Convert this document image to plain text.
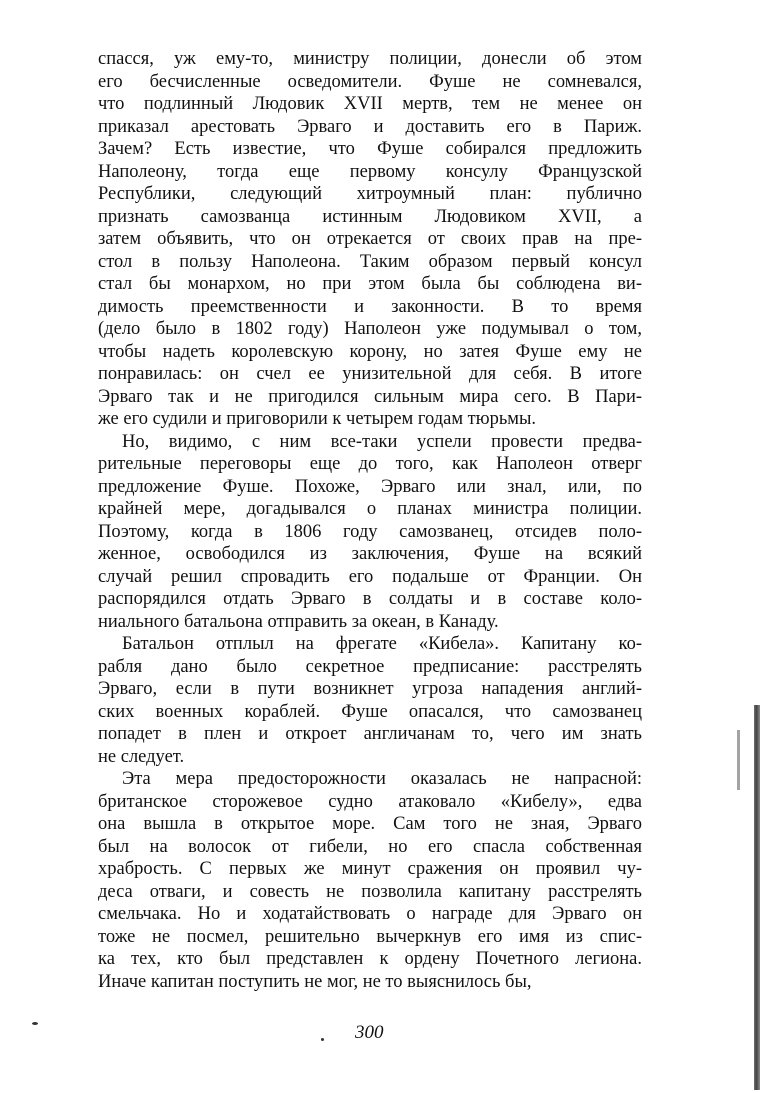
спасся, уж ему-то, министру полиции, донесли об этом
его бесчисленные осведомители. Фуше не сомневался,
что подлинный Людовик XVII мертв, тем не менее он
приказал арестовать Эрваго и доставить его в Париж.
Зачем? Есть известие, что Фуше собирался предложить
Наполеону, тогда еще первому консулу Французской
Республики, следующий хитроумный план: публично
признать самозванца истинным Людовиком XVII, а
затем объявить, что он отрекается от своих прав на пре-
стол в пользу Наполеона. Таким образом первый консул
стал бы монархом, но при этом была бы соблюдена ви-
димость преемственности и законности. В то время
(дело было в 1802 году) Наполеон уже подумывал о том,
чтобы надеть королевскую корону, но затея Фуше ему не
понравилась: он счел ее унизительной для себя. В итоге
Эрваго так и не пригодился сильным мира сего. В Пари-
же его судили и приговорили к четырем годам тюрьмы.
Но, видимо, с ним все-таки успели провести предва-
рительные переговоры еще до того, как Наполеон отверг
предложение Фуше. Похоже, Эрваго или знал, или, по
крайней мере, догадывался о планах министра полиции.
Поэтому, когда в 1806 году самозванец, отсидев поло-
женное, освободился из заключения, Фуше на всякий
случай решил спровадить его подальше от Франции. Он
распорядился отдать Эрваго в солдаты и в составе коло-
ниального батальона отправить за океан, в Канаду.
Батальон отплыл на фрегате «Кибела». Капитану ко-
рабля дано было секретное предписание: расстрелять
Эрваго, если в пути возникнет угроза нападения англий-
ских военных кораблей. Фуше опасался, что самозванец
попадет в плен и откроет англичанам то, чего им знать
не следует.
Эта мера предосторожности оказалась не напрасной:
британское сторожевое судно атаковало «Кибелу», едва
она вышла в открытое море. Сам того не зная, Эрваго
был на волосок от гибели, но его спасла собственная
храбрость. С первых же минут сражения он проявил чу-
деса отваги, и совесть не позволила капитану расстрелять
смельчака. Но и ходатайствовать о награде для Эрваго он
тоже не посмел, решительно вычеркнув его имя из спис-
ка тех, кто был представлен к ордену Почетного легиона.
Иначе капитан поступить не мог, не то выяснилось бы,
300
